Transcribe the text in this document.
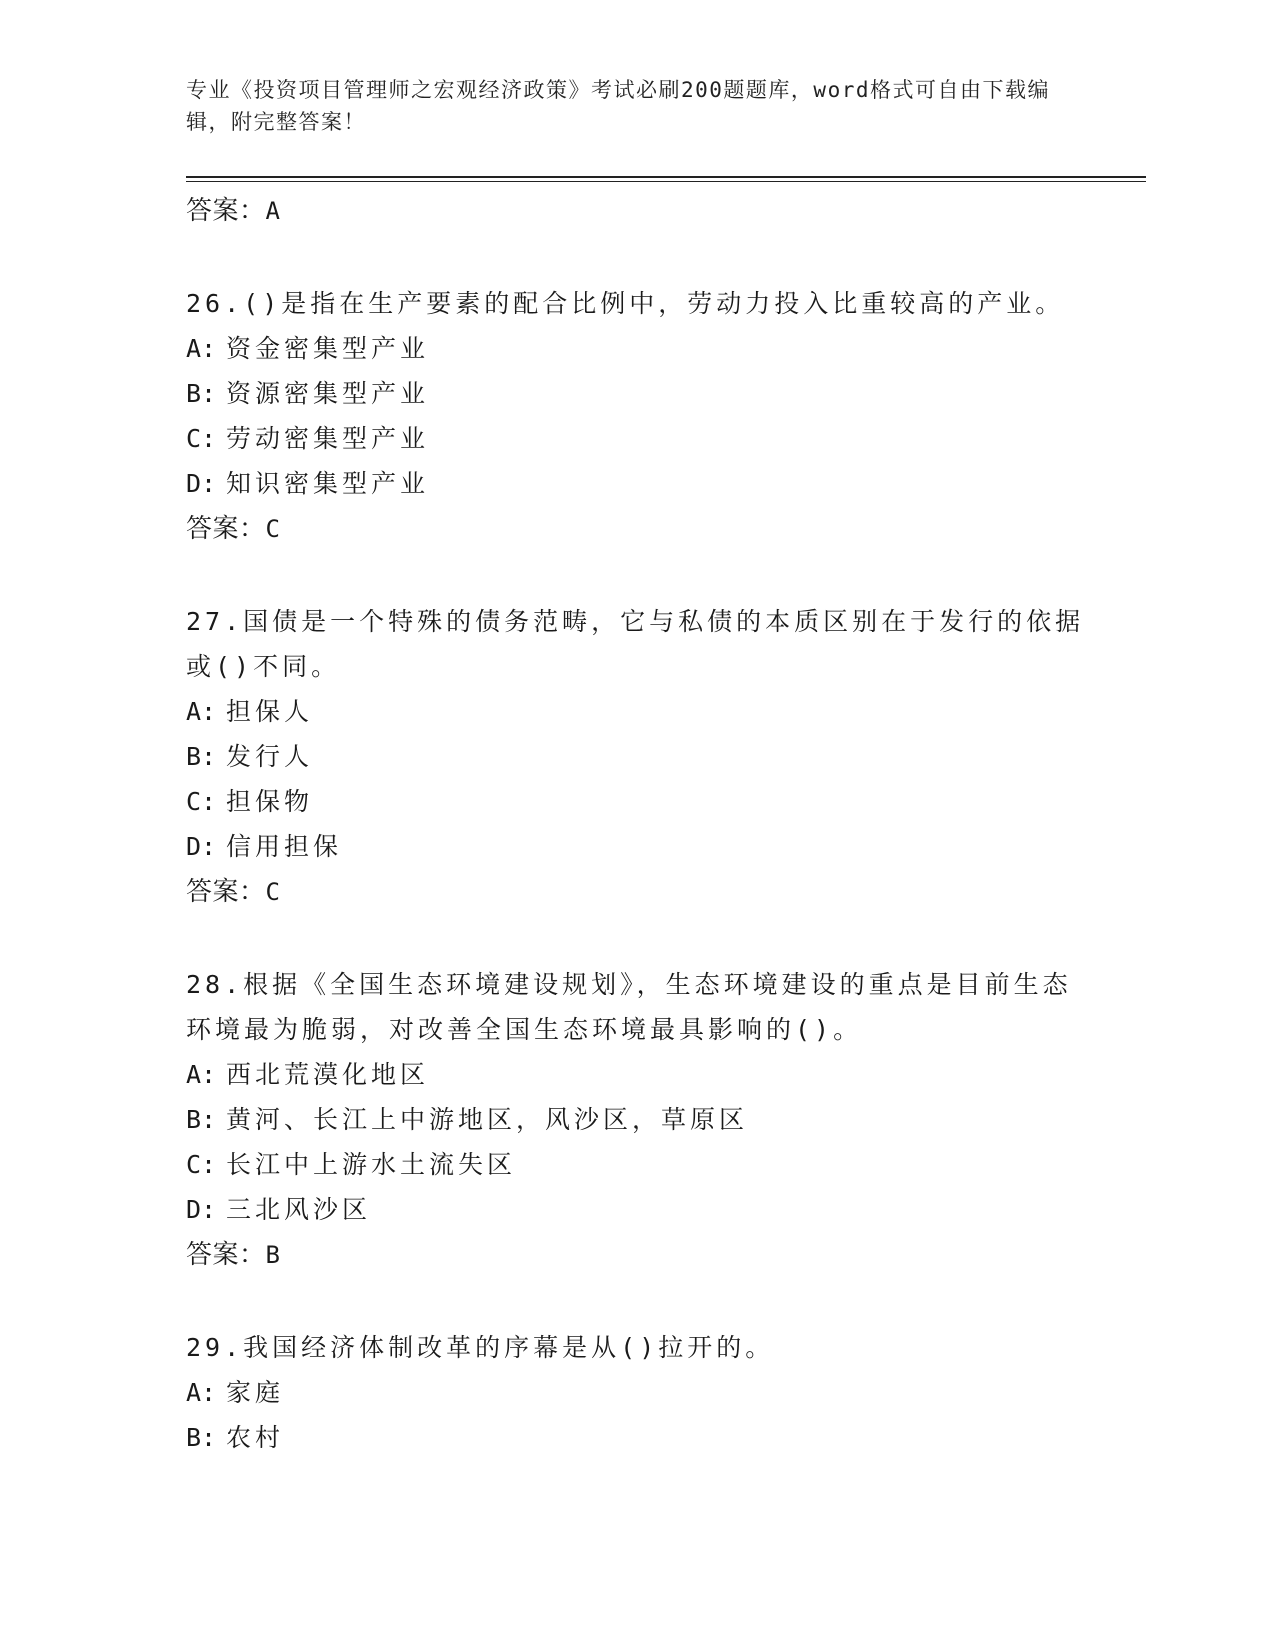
专业《投资项目管理师之宏观经济政策》考试必刷200题题库，word格式可自由下载编辑，附完整答案！
答案：A
26.()是指在生产要素的配合比例中，劳动力投入比重较高的产业。
A: 资金密集型产业
B: 资源密集型产业
C: 劳动密集型产业
D: 知识密集型产业
答案：C
27.国债是一个特殊的债务范畴，它与私债的本质区别在于发行的依据或()不同。
A: 担保人
B: 发行人
C: 担保物
D: 信用担保
答案：C
28.根据《全国生态环境建设规划》，生态环境建设的重点是目前生态环境最为脆弱，对改善全国生态环境最具影响的()。
A: 西北荒漠化地区
B: 黄河、长江上中游地区，风沙区，草原区
C: 长江中上游水土流失区
D: 三北风沙区
答案：B
29.我国经济体制改革的序幕是从()拉开的。
A: 家庭
B: 农村
